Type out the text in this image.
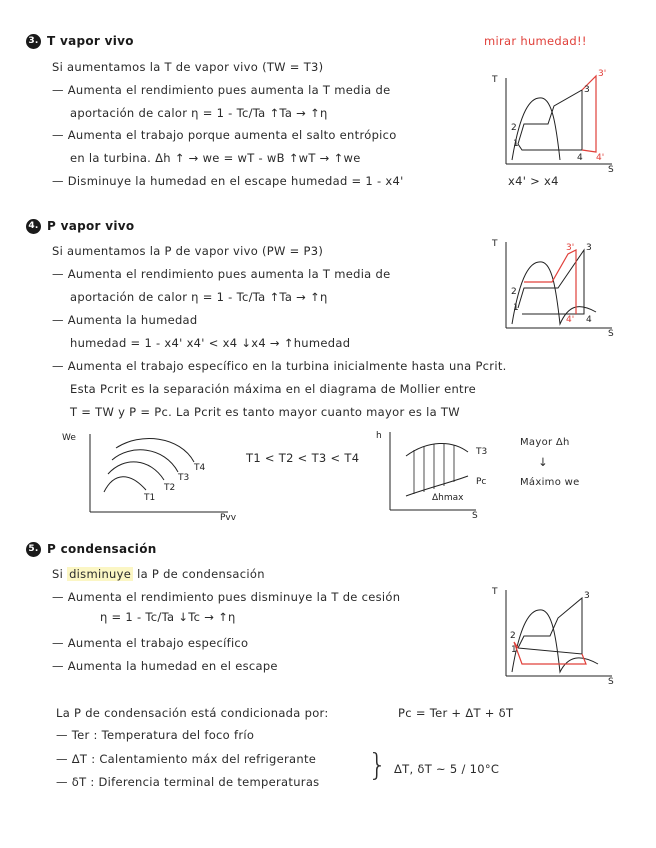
3. T vapor vivo	mirar humedad!!
Si aumentamos la T de vapor vivo (TW = T3)
— Aumenta el rendimiento pues aumenta la T media de
aportación de calor η = 1 - Tc/Ta ↑Ta → ↑η
— Aumenta el trabajo porque aumenta el salto entrópico
en la turbina. Δh ↑ → we = wT - wB ↑wT → ↑we
— Disminuye la humedad en el escape humedad = 1 - x4'	x4' > x4
T
S
1
2
3
3'
4 4'
4. P vapor vivo
Si aumentamos la P de vapor vivo (PW = P3)
— Aumenta el rendimiento pues aumenta la T media de
aportación de calor η = 1 - Tc/Ta ↑Ta → ↑η
— Aumenta la humedad
humedad = 1 - x4' x4' < x4 ↓x4 → ↑humedad
— Aumenta el trabajo específico en la turbina inicialmente hasta una Pcrit.
Esta Pcrit es la separación máxima en el diagrama de Mollier entre
T = TW y P = Pc. La Pcrit es tanto mayor cuanto mayor es la TW
T
S
1
2
3
3'
4
4'
We
Pvv
T1
T2
T3
T4
T1 < T2 < T3 < T4
h
S
T3
Pc
Δhmax
Mayor Δh
↓
Máximo we
5. P condensación
Si disminuye la P de condensación
— Aumenta el rendimiento pues disminuye la T de cesión
η = 1 - Tc/Ta ↓Tc → ↑η
— Aumenta el trabajo específico
— Aumenta la humedad en el escape
T
S
1
2
3
La P de condensación está condicionada por:	Pc = Ter + ΔT + δT
— Ter : Temperatura del foco frío
— ΔT : Calentamiento máx del refrigerante
— δT : Diferencia terminal de temperaturas } ΔT, δT ~ 5 / 10°C
